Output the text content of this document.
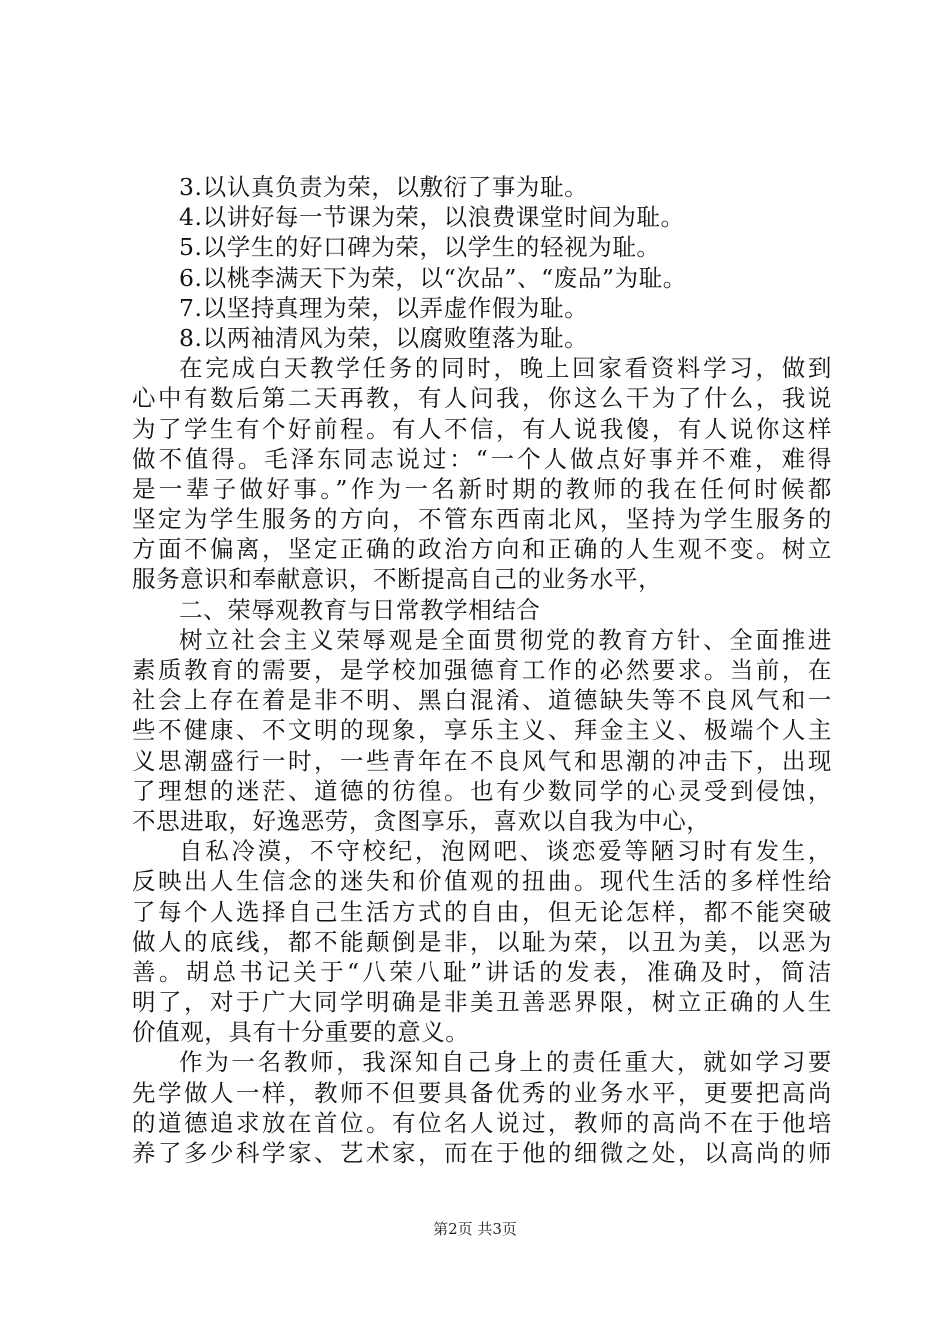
3.以认真负责为荣，以敷衍了事为耻。
4.以讲好每一节课为荣，以浪费课堂时间为耻。
5.以学生的好口碑为荣，以学生的轻视为耻。
6.以桃李满天下为荣，以“次品”、“废品”为耻。
7.以坚持真理为荣，以弄虚作假为耻。
8.以两袖清风为荣，以腐败堕落为耻。
在完成白天教学任务的同时，晚上回家看资料学习，做到
心中有数后第二天再教，有人问我，你这么干为了什么，我说
为了学生有个好前程。有人不信，有人说我傻，有人说你这样
做不值得。毛泽东同志说过：“一个人做点好事并不难，难得
是一辈子做好事。”作为一名新时期的教师的我在任何时候都
坚定为学生服务的方向，不管东西南北风，坚持为学生服务的
方面不偏离，坚定正确的政治方向和正确的人生观不变。树立
服务意识和奉献意识，不断提高自己的业务水平，
二、荣辱观教育与日常教学相结合
树立社会主义荣辱观是全面贯彻党的教育方针、全面推进
素质教育的需要，是学校加强德育工作的必然要求。当前，在
社会上存在着是非不明、黑白混淆、道德缺失等不良风气和一
些不健康、不文明的现象，享乐主义、拜金主义、极端个人主
义思潮盛行一时，一些青年在不良风气和思潮的冲击下，出现
了理想的迷茫、道德的彷徨。也有少数同学的心灵受到侵蚀，
不思进取，好逸恶劳，贪图享乐，喜欢以自我为中心，
自私冷漠，不守校纪，泡网吧、谈恋爱等陋习时有发生，
反映出人生信念的迷失和价值观的扭曲。现代生活的多样性给
了每个人选择自己生活方式的自由，但无论怎样，都不能突破
做人的底线，都不能颠倒是非，以耻为荣，以丑为美，以恶为
善。胡总书记关于“八荣八耻”讲话的发表，准确及时，简洁
明了，对于广大同学明确是非美丑善恶界限，树立正确的人生
价值观，具有十分重要的意义。
作为一名教师，我深知自己身上的责任重大，就如学习要
先学做人一样，教师不但要具备优秀的业务水平，更要把高尚
的道德追求放在首位。有位名人说过，教师的高尚不在于他培
养了多少科学家、艺术家，而在于他的细微之处，以高尚的师
第2页 共3页
